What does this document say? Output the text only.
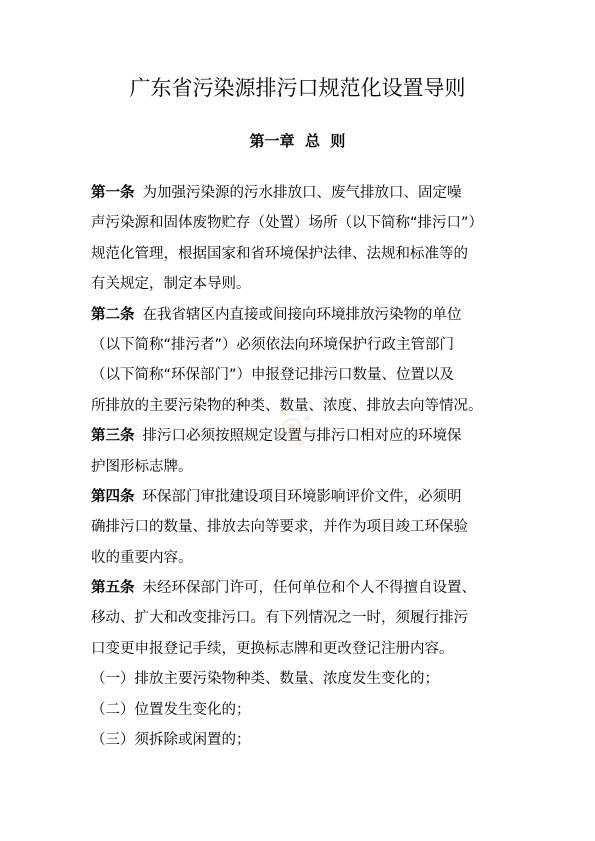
广东省污染源排污口规范化设置导则
第一章  总  则
第一条 为加强污染源的污水排放口、废气排放口、固定噪
声污染源和固体废物贮存（处置）场所（以下简称“排污口”）
规范化管理，根据国家和省环境保护法律、法规和标准等的
有关规定，制定本导则。
第二条 在我省辖区内直接或间接向环境排放污染物的单位
（以下简称“排污者”）必须依法向环境保护行政主管部门
（以下简称“环保部门”）申报登记排污口数量、位置以及
所排放的主要污染物的种类、数量、浓度、排放去向等情况。
第三条 排污口必须按照规定设置与排污口相对应的环境保
护图形标志牌。
第四条 环保部门审批建设项目环境影响评价文件，必须明
确排污口的数量、排放去向等要求，并作为项目竣工环保验
收的重要内容。
第五条 未经环保部门许可，任何单位和个人不得擅自设置、
移动、扩大和改变排污口。有下列情况之一时，须履行排污
口变更申报登记手续，更换标志牌和更改登记注册内容。
（一）排放主要污染物种类、数量、浓度发生变化的；
（二）位置发生变化的；
（三）须拆除或闲置的；
